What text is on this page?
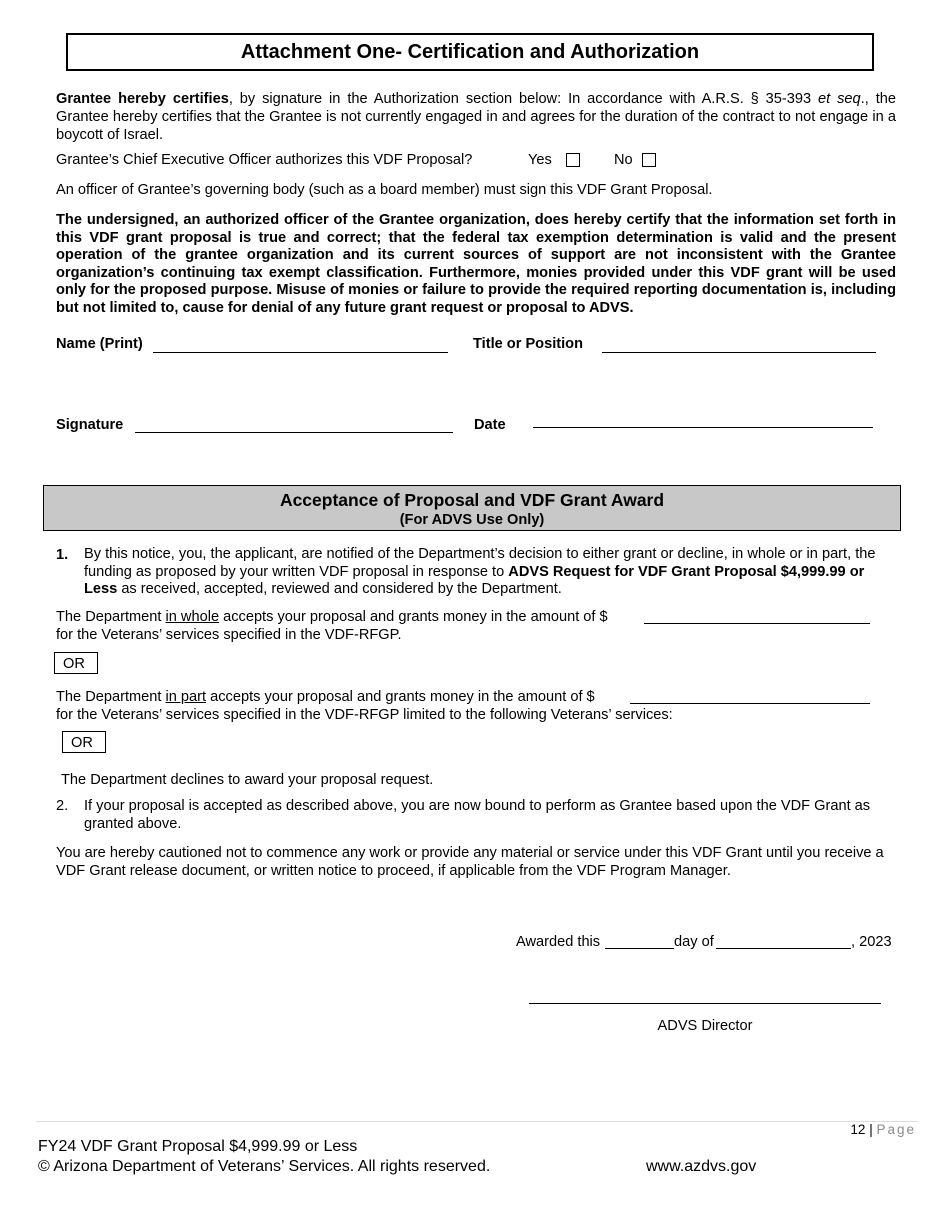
Attachment One- Certification and Authorization
Grantee hereby certifies, by signature in the Authorization section below: In accordance with A.R.S. § 35-393 et seq., the Grantee hereby certifies that the Grantee is not currently engaged in and agrees for the duration of the contract to not engage in a boycott of Israel.
Grantee’s Chief Executive Officer authorizes this VDF Proposal?	Yes	No
An officer of Grantee’s governing body (such as a board member) must sign this VDF Grant Proposal.
The undersigned, an authorized officer of the Grantee organization, does hereby certify that the information set forth in this VDF grant proposal is true and correct; that the federal tax exemption determination is valid and the present operation of the grantee organization and its current sources of support are not inconsistent with the Grantee organization’s continuing tax exempt classification. Furthermore, monies provided under this VDF grant will be used only for the proposed purpose. Misuse of monies or failure to provide the required reporting documentation is, including but not limited to, cause for denial of any future grant request or proposal to ADVS.
Name (Print)	Title or Position
Signature	Date
Acceptance of Proposal and VDF Grant Award
(For ADVS Use Only)
1. By this notice, you, the applicant, are notified of the Department’s decision to either grant or decline, in whole or in part, the funding as proposed by your written VDF proposal in response to ADVS Request for VDF Grant Proposal $4,999.99 or Less as received, accepted, reviewed and considered by the Department.
The Department in whole accepts your proposal and grants money in the amount of $
for the Veterans’ services specified in the VDF-RFGP.
OR
The Department in part accepts your proposal and grants money in the amount of $
for the Veterans’ services specified in the VDF-RFGP limited to the following Veterans’ services:
OR
The Department declines to award your proposal request.
2. If your proposal is accepted as described above, you are now bound to perform as Grantee based upon the VDF Grant as granted above.
You are hereby cautioned not to commence any work or provide any material or service under this VDF Grant until you receive a VDF Grant release document, or written notice to proceed, if applicable from the VDF Program Manager.
Awarded this	day of	, 2023
ADVS Director
12 | Page
FY24 VDF Grant Proposal $4,999.99 or Less
© Arizona Department of Veterans’ Services. All rights reserved.	www.azdvs.gov
